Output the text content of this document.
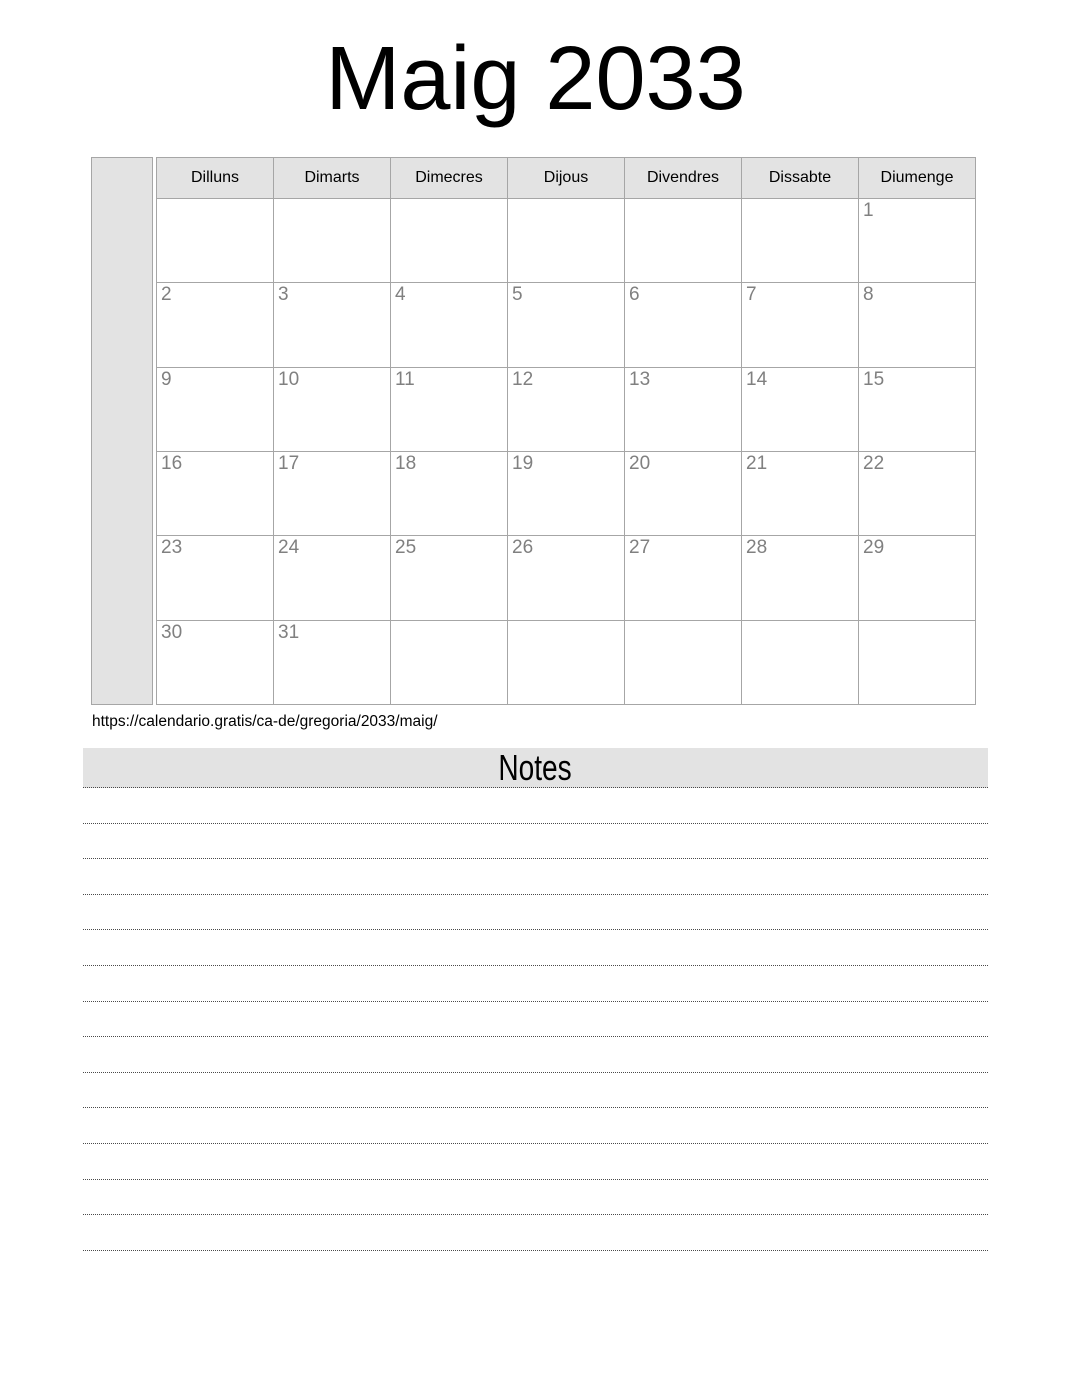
Maig 2033
Dilluns	Dimarts	Dimecres	Dijous	Divendres	Dissabte	Diumenge
						1
2	3	4	5	6	7	8
9	10	11	12	13	14	15
16	17	18	19	20	21	22
23	24	25	26	27	28	29
30	31					
https://calendario.gratis/ca-de/gregoria/2033/maig/
Notes
